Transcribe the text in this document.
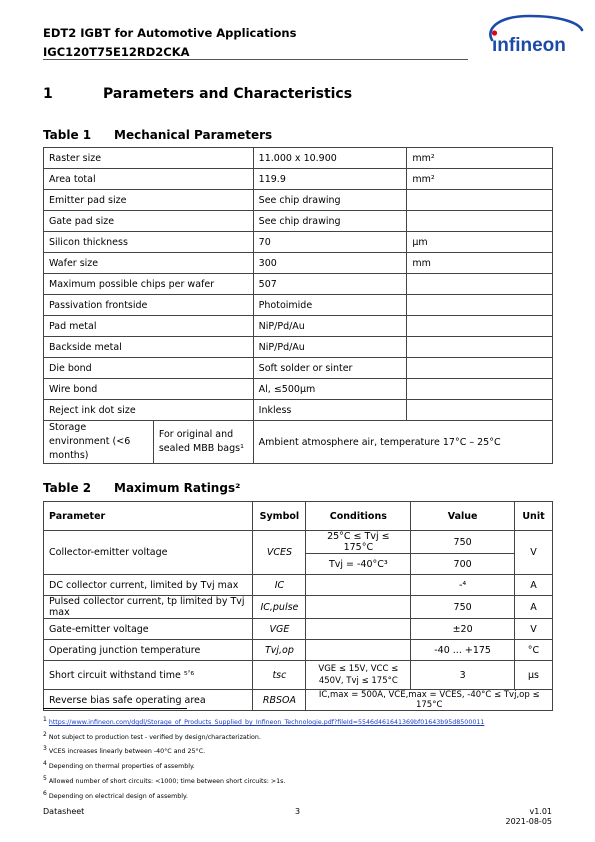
EDT2 IGBT for Automotive Applications
IGC120T75E12RD2CKA	ınfineon
1	Parameters and Characteristics
Table 1 Mechanical Parameters
Raster size		11.000 x 10.900	mm²
Area total		119.9	mm²
Emitter pad size		See chip drawing	
Gate pad size		See chip drawing	
Silicon thickness		70	µm
Wafer size		300	mm
Maximum possible chips per wafer		507	
Passivation frontside		Photoimide	
Pad metal		NiP/Pd/Au	
Backside metal		NiP/Pd/Au	
Die bond		Soft solder or sinter	
Wire bond		Al, ≤500µm	
Reject ink dot size		Inkless	
Storage environment (<6 months)	For original and sealed MBB bags¹	Ambient atmosphere air, temperature 17°C – 25°C	
Table 2 Maximum Ratings²
Parameter	Symbol	Conditions	Value	Unit
Collector-emitter voltage	VCES	25°C ≤ Tvj ≤ 175°C	750	V
		Tvj = -40°C³	700	
DC collector current, limited by Tvj max	IC		-⁴	A
Pulsed collector current, tp limited by Tvj max	IC,pulse		750	A
Gate-emitter voltage	VGE		±20	V
Operating junction temperature	Tvj,op		-40 ... +175	°C
Short circuit withstand time ⁵ʹ⁶	tsc	VGE ≤ 15V, VCC ≤ 450V, Tvj ≤ 175°C	3	µs
Reverse bias safe operating area	RBSOA	IC,max = 500A, VCE,max = VCES, -40°C ≤ Tvj,op ≤ 175°C		
$^1$ https://www.infineon.com/dgdl/Storage_of_Products_Supplied_by_Infineon_Technologie.pdf?fileId=5546d461641369bf01643b95d8500011
$^2$ Not subject to production test - verified by design/characterization.
$^3$ VCES increases linearly between -40°C and 25°C.
$^4$ Depending on thermal properties of assembly.
$^5$ Allowed number of short circuits: <1000; time between short circuits: >1s.
$^6$ Depending on electrical design of assembly.
Datasheet	3	v1.01
2021-08-05
